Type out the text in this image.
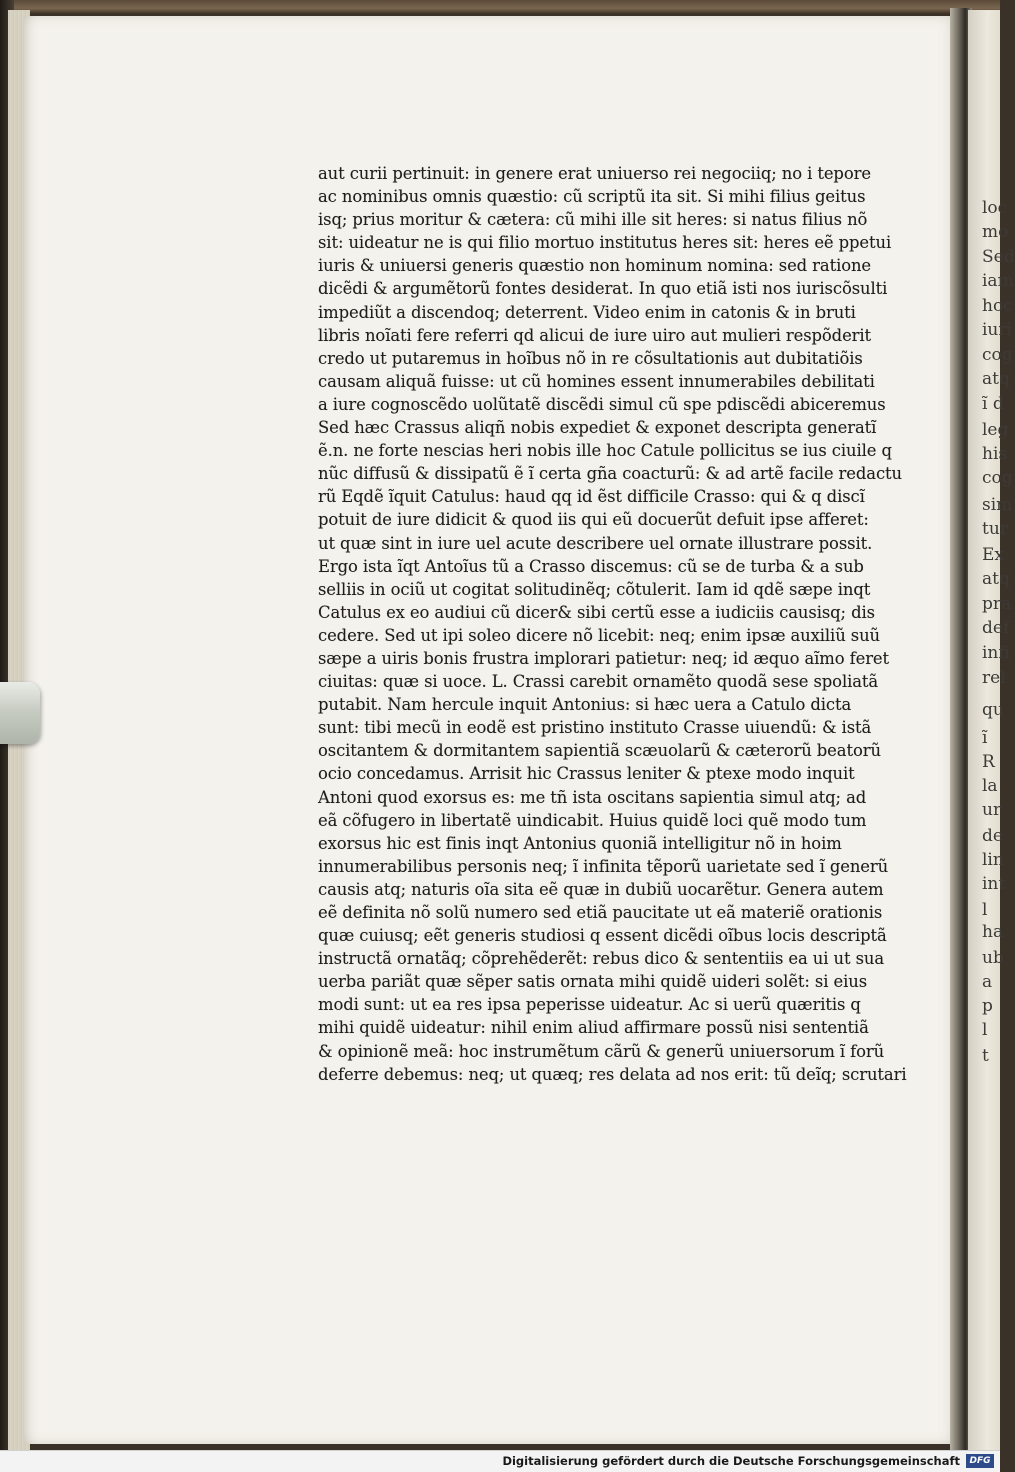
loc
mo
Sed
iam
hoc
iuri
cog
atq
ĩ d
leg
his
cog
sim
tur
Ex
atq
pra
def
infi
rel
qu
ĩ
R
la
ur
de
lin
int
l
ha
ub
a
p
l
t
aut curii pertinuit: in genere erat uniuerso rei negociiq; no i tepore
ac nominibus omnis quæstio: cũ scriptũ ita sit. Si mihi filius geitus
isq; prius moritur & cætera: cũ mihi ille sit heres: si natus filius nõ
sit: uideatur ne is qui filio mortuo institutus heres sit: heres eẽ ppetui
iuris & uniuersi generis quæstio non hominum nomina: sed ratione
dicẽdi & argumẽtorũ fontes desiderat. In quo etiã isti nos iuriscõsulti
impediũt a discendoq; deterrent. Video enim in catonis & in bruti
libris noĩati fere referri qd alicui de iure uiro aut mulieri respõderit
credo ut putaremus in hoĩbus nõ in re cõsultationis aut dubitatiõis
causam aliquã fuisse: ut cũ homines essent innumerabiles debilitati
a iure cognoscẽdo uolũtatẽ discẽdi simul cũ spe pdiscẽdi abiceremus
Sed hæc Crassus aliqñ nobis expediet & exponet descripta generatĩ
ẽ.n. ne forte nescias heri nobis ille hoc Catule pollicitus se ius ciuile q
nũc diffusũ & dissipatũ ẽ ĩ certa gña coacturũ: & ad artẽ facile redactu
rũ Eqdẽ ĩquit Catulus: haud qq id ẽst difficile Crasso: qui & q discĩ
potuit de iure didicit & quod iis qui eũ docuerũt defuit ipse afferet:
ut quæ sint in iure uel acute describere uel ornate illustrare possit.
Ergo ista ĩqt Antoĩus tũ a Crasso discemus: cũ se de turba & a sub
selliis in ociũ ut cogitat solitudinẽq; cõtulerit. Iam id qdẽ sæpe inqt
Catulus ex eo audiui cũ dicer& sibi certũ esse a iudiciis causisq; dis
cedere. Sed ut ipi soleo dicere nõ licebit: neq; enim ipsæ auxiliũ suũ
sæpe a uiris bonis frustra implorari patietur: neq; id æquo aĩmo feret
ciuitas: quæ si uoce. L. Crassi carebit ornamẽto quodã sese spoliatã
putabit. Nam hercule inquit Antonius: si hæc uera a Catulo dicta
sunt: tibi mecũ in eodẽ est pristino instituto Crasse uiuendũ: & istã
oscitantem & dormitantem sapientiã scæuolarũ & cæterorũ beatorũ
ocio concedamus. Arrisit hic Crassus leniter & ptexe modo inquit
Antoni quod exorsus es: me tñ ista oscitans sapientia simul atq; ad
eã cõfugero in libertatẽ uindicabit. Huius quidẽ loci quẽ modo tum
exorsus hic est finis inqt Antonius quoniã intelligitur nõ in hoim
innumerabilibus personis neq; ĩ infinita tẽporũ uarietate sed ĩ generũ
causis atq; naturis oĩa sita eẽ quæ in dubiũ uocarẽtur. Genera autem
eẽ definita nõ solũ numero sed etiã paucitate ut eã materiẽ orationis
quæ cuiusq; eẽt generis studiosi q essent dicẽdi oĩbus locis descriptã
instructã ornatãq; cõprehẽderẽt: rebus dico & sententiis ea ui ut sua
uerba pariãt quæ sẽper satis ornata mihi quidẽ uideri solẽt: si eius
modi sunt: ut ea res ipsa peperisse uideatur. Ac si uerũ quæritis q
mihi quidẽ uideatur: nihil enim aliud affirmare possũ nisi sententiã
& opinionẽ meã: hoc instrumẽtum cãrũ & generũ uniuersorum ĩ forũ
deferre debemus: neq; ut quæq; res delata ad nos erit: tũ deĩq; scrutari
Digitalisierung gefördert durch die Deutsche Forschungsgemeinschaft	DFG
